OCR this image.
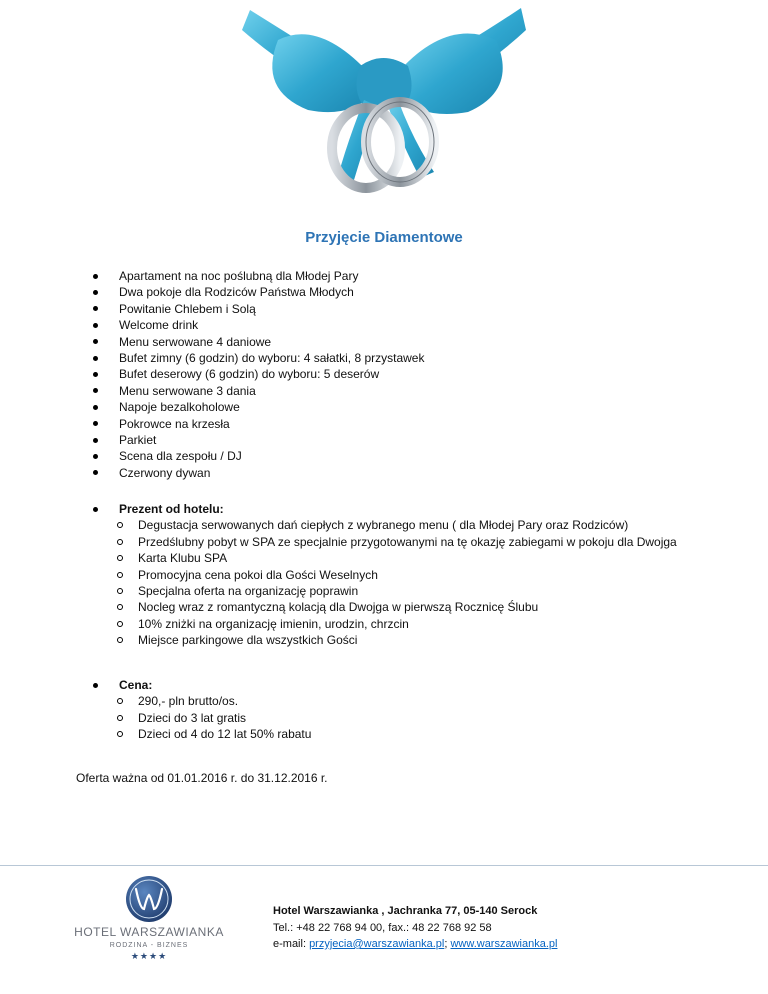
Przyjęcie Diamentowe
Apartament na noc poślubną dla Młodej Pary
Dwa pokoje dla Rodziców Państwa Młodych
Powitanie Chlebem i Solą
Welcome drink
Menu serwowane 4 daniowe
Bufet zimny (6 godzin) do wyboru: 4 sałatki, 8 przystawek
Bufet deserowy (6 godzin) do wyboru: 5 deserów
Menu serwowane 3 dania
Napoje bezalkoholowe
Pokrowce na krzesła
Parkiet
Scena dla zespołu / DJ
Czerwony dywan
Prezent od hotelu:
Degustacja serwowanych dań ciepłych z wybranego menu ( dla Młodej Pary oraz Rodziców)
Przedślubny pobyt w SPA ze specjalnie przygotowanymi na tę okazję zabiegami w pokoju dla Dwojga
Karta Klubu SPA
Promocyjna cena pokoi dla Gości Weselnych
Specjalna oferta na organizację poprawin
Nocleg wraz z romantyczną kolacją dla Dwojga w pierwszą Rocznicę Ślubu
10% zniżki na organizację imienin, urodzin, chrzcin
Miejsce parkingowe dla wszystkich Gości
Cena:
290,- pln brutto/os.
Dzieci do 3 lat gratis
Dzieci od 4 do 12 lat 50% rabatu

Oferta ważna od 01.01.2016 r. do 31.12.2016 r.

HOTEL WARSZAWIANKA
RODZINA - BIZNES
★★★★
Hotel Warszawianka , Jachranka 77, 05-140 Serock
Tel.: +48 22 768 94 00, fax.: 48 22 768 92 58
e-mail: przyjecia@warszawianka.pl; www.warszawianka.pl
